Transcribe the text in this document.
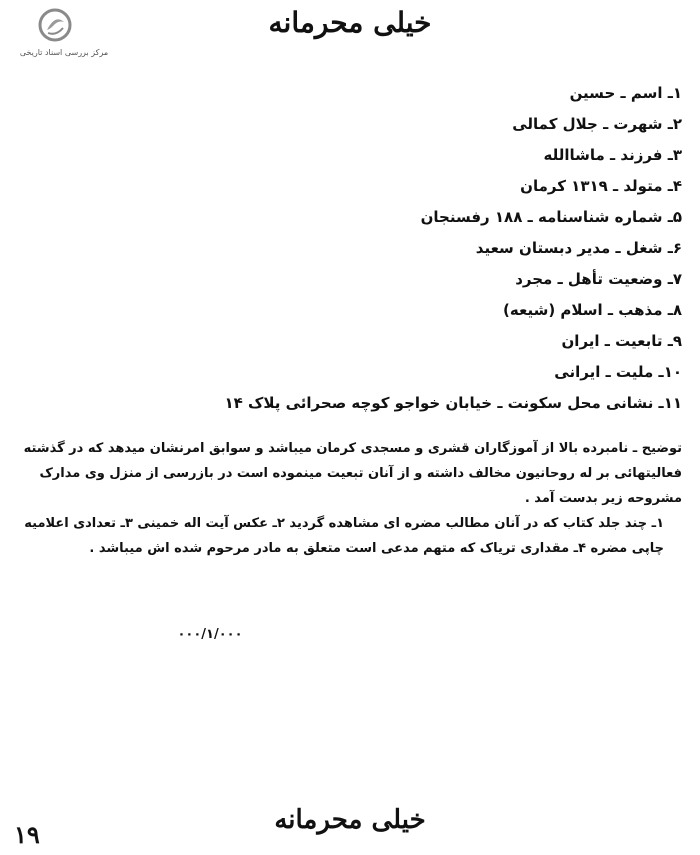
مرکز بررسی اسناد تاریخی
خیلی محرمانه
۱ـ اسم ـ حسین
۲ـ شهرت ـ جلال کمالی
۳ـ فرزند ـ ماشاالله
۴ـ متولد ـ ۱۳۱۹ کرمان
۵ـ شماره شناسنامه ـ ۱۸۸ رفسنجان
۶ـ شغل ـ مدیر دبستان سعید
۷ـ وضعیت تأهل ـ مجرد
۸ـ مذهب ـ اسلام (شیعه)
۹ـ تابعیت ـ ایران
۱۰ـ ملیت ـ ایرانی
۱۱ـ نشانی محل سکونت ـ خیابان خواجو کوچه صحرائی پلاک ۱۴

توضیح ـ نامبرده بالا از آموزگاران قشری و مسجدی کرمان میباشد و سوابق امرنشان میدهد که در گذشته فعالیتهائی بر له روحانیون مخالف داشته و از آنان تبعیت مینموده است در بازرسی از منزل وی مدارک مشروحه زیر بدست آمد .

۱ـ چند جلد کتاب که در آنان مطالب مضره ای مشاهده گردید ۲ـ عکس آیت اله خمینی ۳ـ تعدادی اعلامیه چاپی مضره ۴ـ مقداری تریاک که متهم مدعی است متعلق به مادر مرحوم شده اش میباشد .

۰۰۰/۱/۰۰۰
خیلی محرمانه
۱۹
